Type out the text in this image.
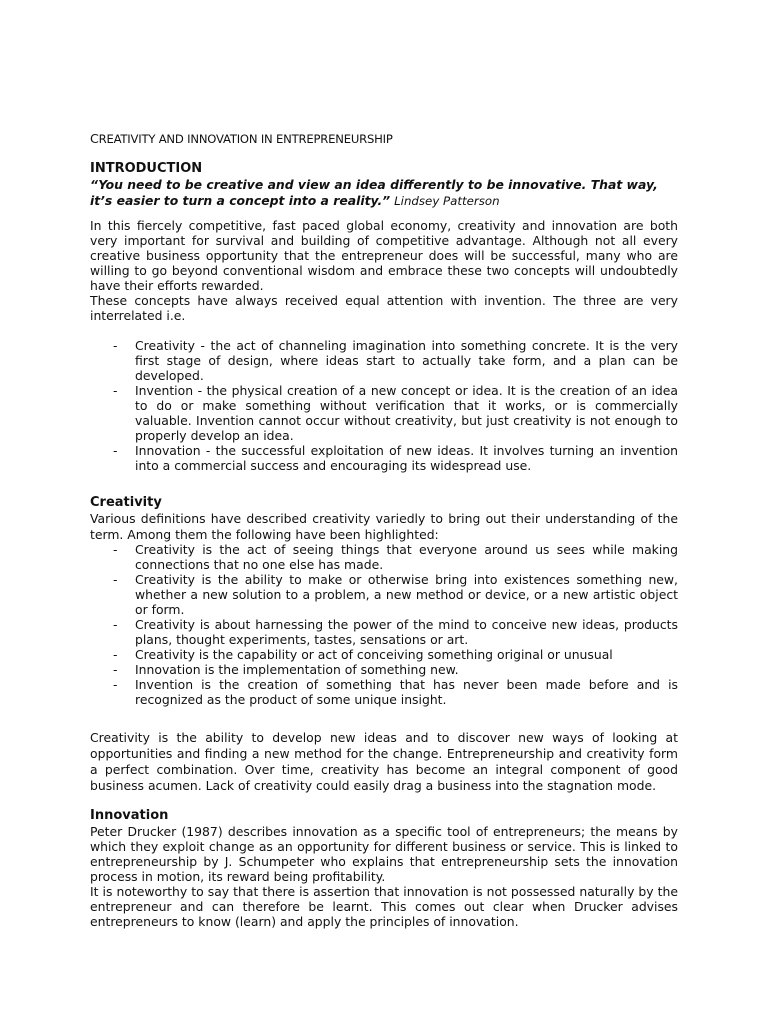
CREATIVITY AND INNOVATION IN ENTREPRENEURSHIP
INTRODUCTION
“You need to be creative and view an idea differently to be innovative. That way, it’s easier to turn a concept into a reality.” Lindsey Patterson

In this fiercely competitive, fast paced global economy, creativity and innovation are both very important for survival and building of competitive advantage. Although not all every creative business opportunity that the entrepreneur does will be successful, many who are willing to go beyond conventional wisdom and embrace these two concepts will undoubtedly have their efforts rewarded.

These concepts have always received equal attention with invention. The three are very interrelated i.e.

- Creativity - the act of channeling imagination into something concrete. It is the very first stage of design, where ideas start to actually take form, and a plan can be developed.
- Invention - the physical creation of a new concept or idea. It is the creation of an idea to do or make something without verification that it works, or is commercially valuable. Invention cannot occur without creativity, but just creativity is not enough to properly develop an idea.
- Innovation - the successful exploitation of new ideas. It involves turning an invention into a commercial success and encouraging its widespread use.
Creativity

Various definitions have described creativity variedly to bring out their understanding of the term. Among them the following have been highlighted:

- Creativity is the act of seeing things that everyone around us sees while making connections that no one else has made.
- Creativity is the ability to make or otherwise bring into existences something new, whether a new solution to a problem, a new method or device, or a new artistic object or form.
- Creativity is about harnessing the power of the mind to conceive new ideas, products plans, thought experiments, tastes, sensations or art.
- Creativity is the capability or act of conceiving something original or unusual
- Innovation is the implementation of something new.
- Invention is the creation of something that has never been made before and is recognized as the product of some unique insight.

Creativity is the ability to develop new ideas and to discover new ways of looking at opportunities and finding a new method for the change. Entrepreneurship and creativity form a perfect combination. Over time, creativity has become an integral component of good business acumen. Lack of creativity could easily drag a business into the stagnation mode.

Innovation

Peter Drucker (1987) describes innovation as a specific tool of entrepreneurs; the means by which they exploit change as an opportunity for different business or service. This is linked to entrepreneurship by J. Schumpeter who explains that entrepreneurship sets the innovation process in motion, its reward being profitability.

It is noteworthy to say that there is assertion that innovation is not possessed naturally by the entrepreneur and can therefore be learnt. This comes out clear when Drucker advises entrepreneurs to know (learn) and apply the principles of innovation.
